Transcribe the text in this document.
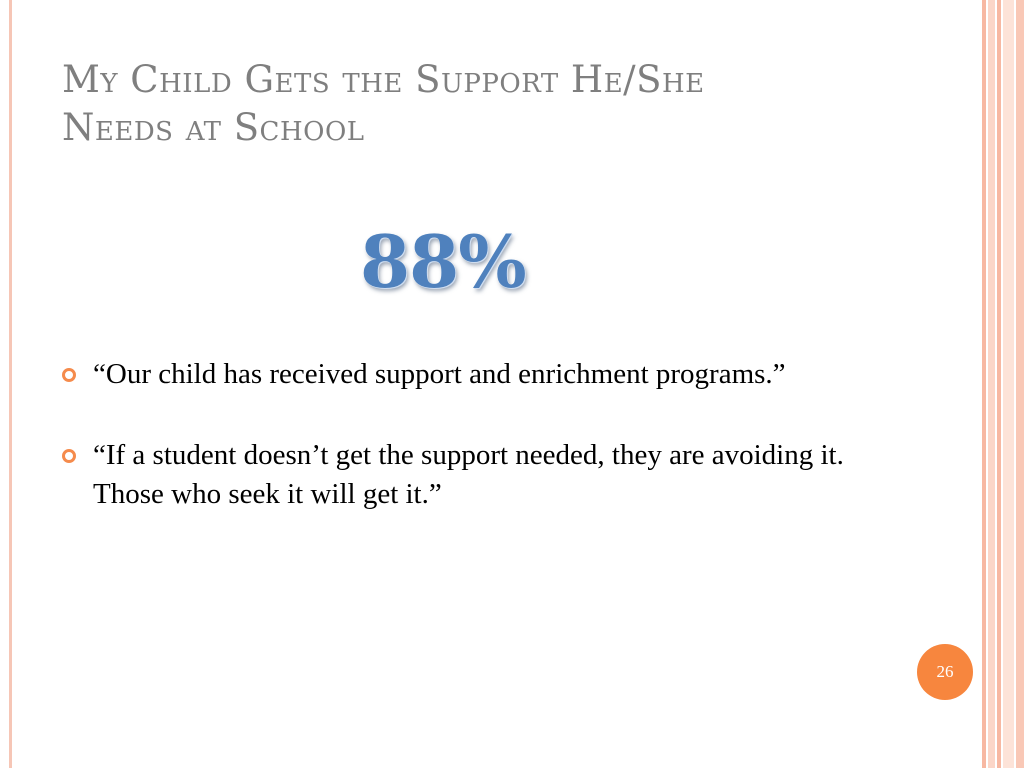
My Child Gets the Support He/She
Needs at School
88%
“Our child has received support and enrichment programs.”
“If a student doesn’t get the support needed, they are avoiding it. Those who seek it will get it.”
26
